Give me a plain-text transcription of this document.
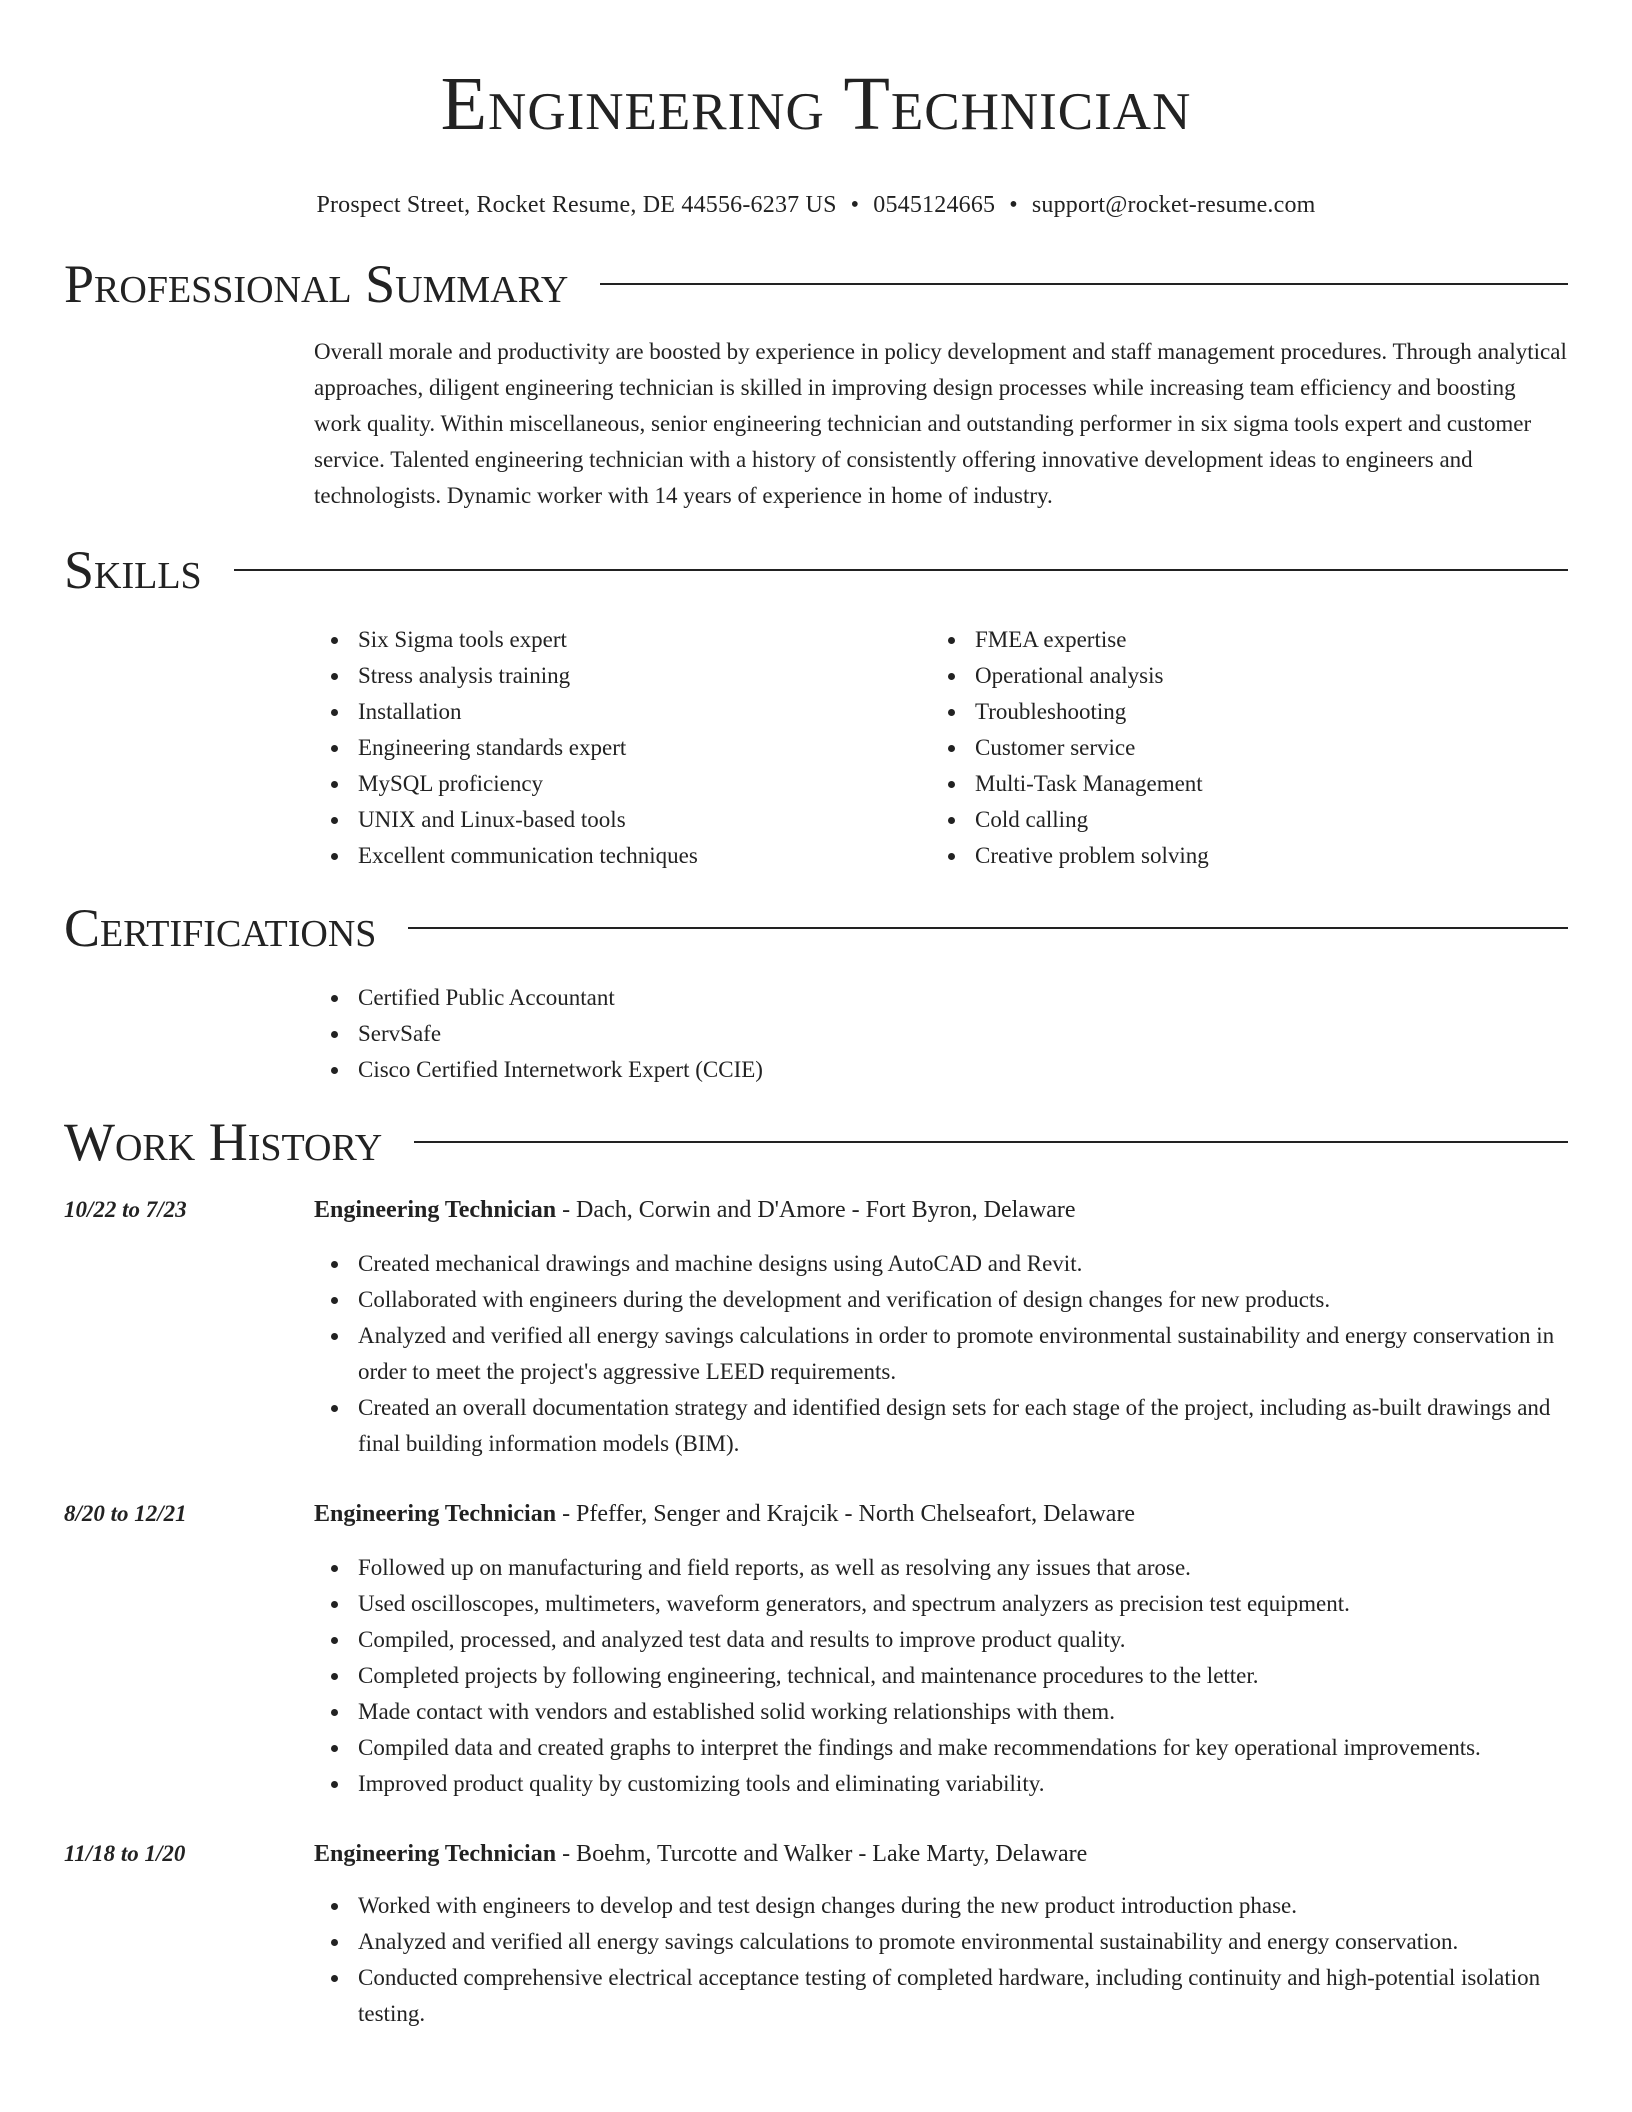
Engineering Technician
Prospect Street, Rocket Resume, DE 44556-6237 US • 0545124665 • support@rocket-resume.com
Professional Summary

Overall morale and productivity are boosted by experience in policy development and staff management procedures. Through analytical approaches, diligent engineering technician is skilled in improving design processes while increasing team efficiency and boosting work quality. Within miscellaneous, senior engineering technician and outstanding performer in six sigma tools expert and customer service. Talented engineering technician with a history of consistently offering innovative development ideas to engineers and technologists. Dynamic worker with 14 years of experience in home of industry.

Skills
Six Sigma tools expert
Stress analysis training
Installation
Engineering standards expert
MySQL proficiency
UNIX and Linux-based tools
Excellent communication techniques
FMEA expertise
Operational analysis
Troubleshooting
Customer service
Multi-Task Management
Cold calling
Creative problem solving
Certifications
Certified Public Accountant
ServSafe
Cisco Certified Internetwork Expert (CCIE)
Work History
10/22 to 7/23	Engineering Technician - Dach, Corwin and D'Amore - Fort Byron, Delaware
Created mechanical drawings and machine designs using AutoCAD and Revit.
Collaborated with engineers during the development and verification of design changes for new products.
Analyzed and verified all energy savings calculations in order to promote environmental sustainability and energy conservation in order to meet the project's aggressive LEED requirements.
Created an overall documentation strategy and identified design sets for each stage of the project, including as-built drawings and final building information models (BIM).
8/20 to 12/21	Engineering Technician - Pfeffer, Senger and Krajcik - North Chelseafort, Delaware
Followed up on manufacturing and field reports, as well as resolving any issues that arose.
Used oscilloscopes, multimeters, waveform generators, and spectrum analyzers as precision test equipment.
Compiled, processed, and analyzed test data and results to improve product quality.
Completed projects by following engineering, technical, and maintenance procedures to the letter.
Made contact with vendors and established solid working relationships with them.
Compiled data and created graphs to interpret the findings and make recommendations for key operational improvements.
Improved product quality by customizing tools and eliminating variability.
11/18 to 1/20	Engineering Technician - Boehm, Turcotte and Walker - Lake Marty, Delaware
Worked with engineers to develop and test design changes during the new product introduction phase.
Analyzed and verified all energy savings calculations to promote environmental sustainability and energy conservation.
Conducted comprehensive electrical acceptance testing of completed hardware, including continuity and high-potential isolation testing.
